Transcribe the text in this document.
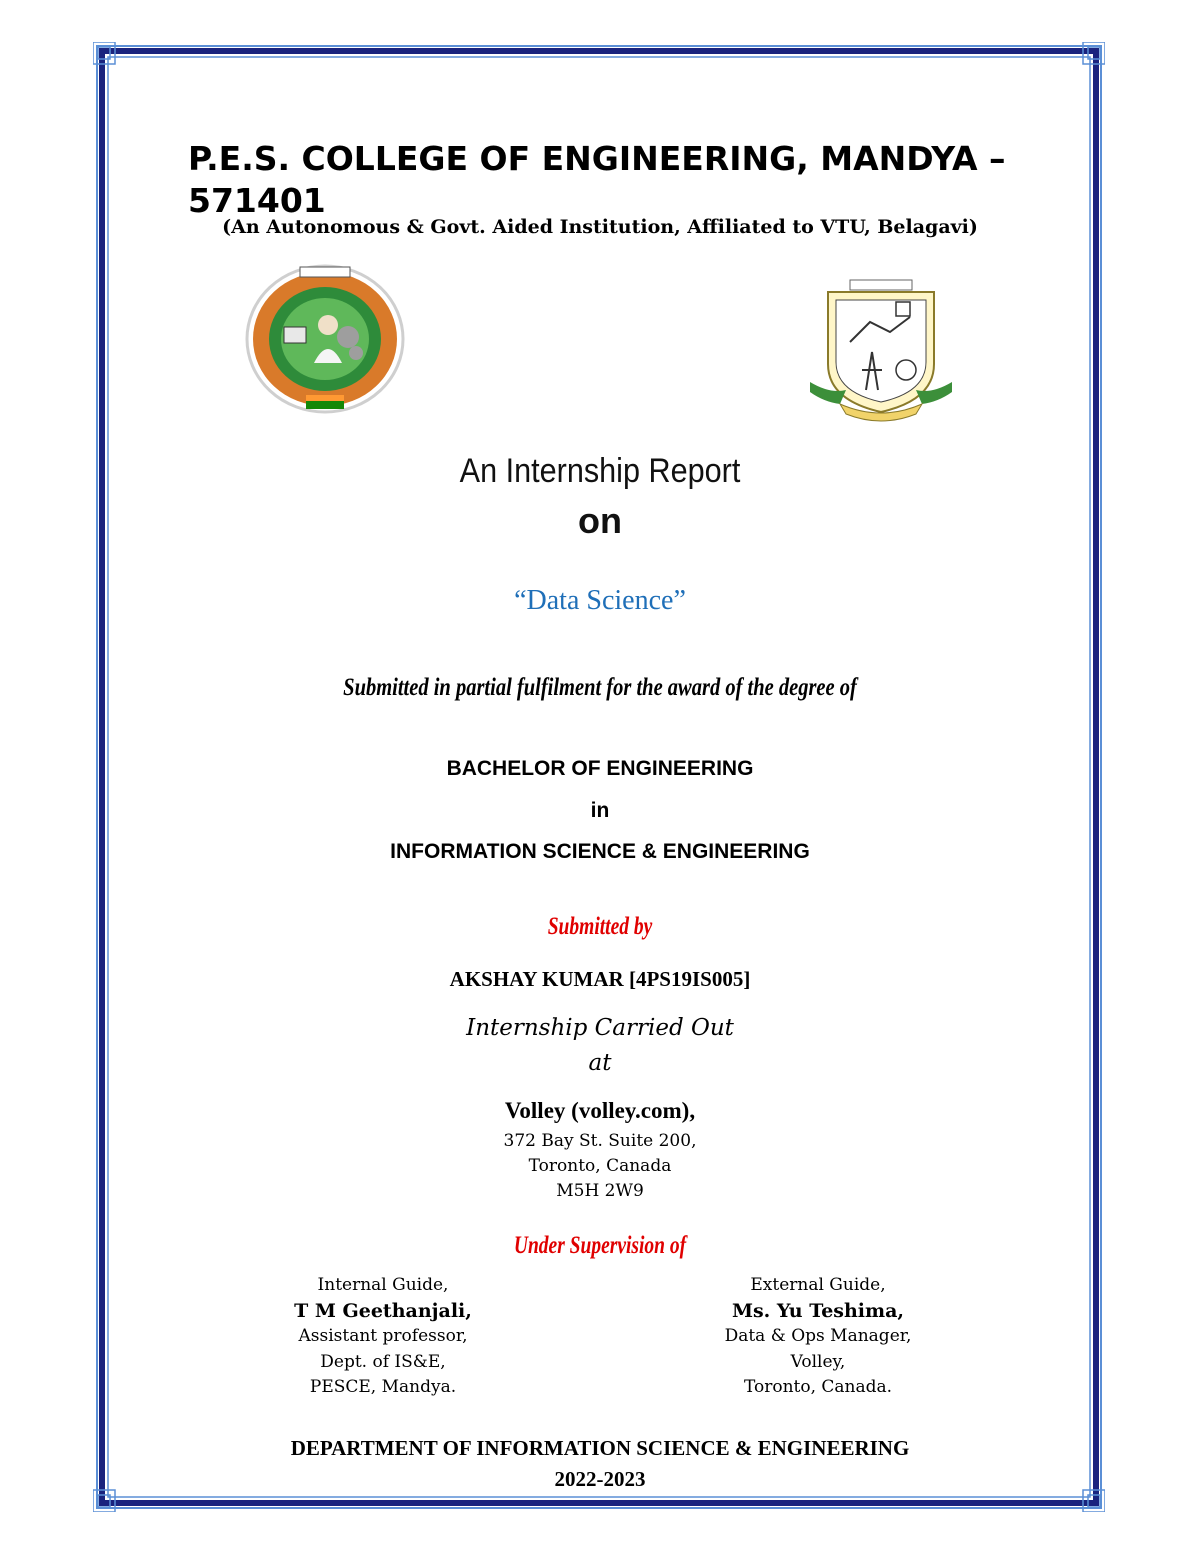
P.E.S. COLLEGE OF ENGINEERING, MANDYA – 571401

(An Autonomous & Govt. Aided Institution, Affiliated to VTU, Belagavi)

An Internship Report

on

“Data Science”

Submitted in partial fulfilment for the award of the degree of

BACHELOR OF ENGINEERING

in

INFORMATION SCIENCE & ENGINEERING

Submitted by

AKSHAY KUMAR [4PS19IS005]

Internship Carried Out

at

Volley (volley.com),

372 Bay St. Suite 200,

Toronto, Canada

M5H 2W9

Under Supervision of

Internal Guide,

T M Geethanjali,

Assistant professor,

Dept. of IS&E,

PESCE, Mandya.

External Guide,

Ms. Yu Teshima,

Data & Ops Manager,

Volley,

Toronto, Canada.

DEPARTMENT OF INFORMATION SCIENCE & ENGINEERING

2022-2023
